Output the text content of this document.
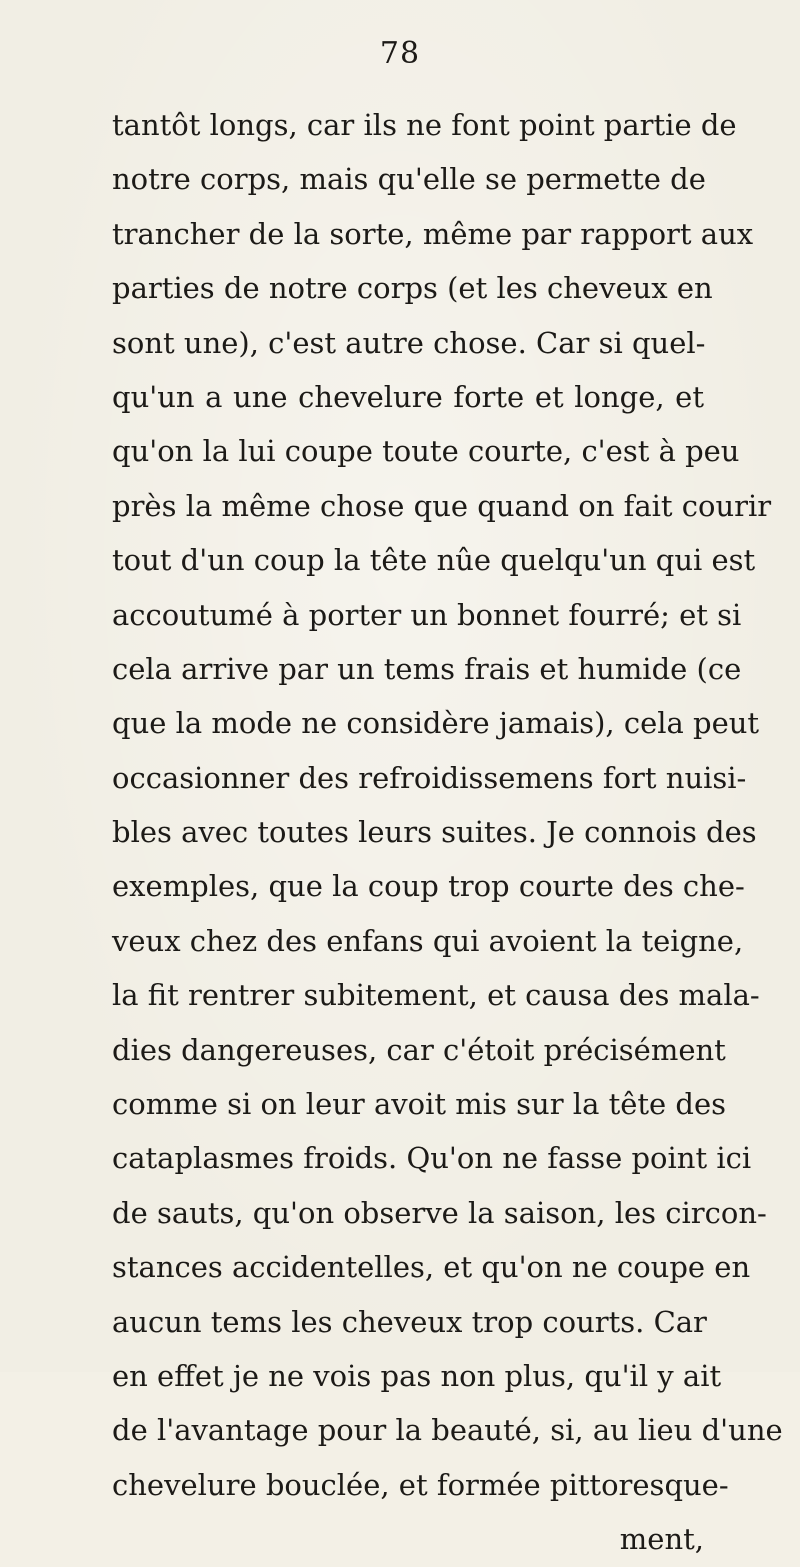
78
tantôt longs, car ils ne font point partie de
notre corps, mais qu'elle se permette de
trancher de la sorte, même par rapport aux
parties de notre corps (et les cheveux en
sont une), c'est autre chose. Car si quel-
qu'un a une chevelure forte et longe, et
qu'on la lui coupe toute courte, c'est à peu
près la même chose que quand on fait courir
tout d'un coup la tête nûe quelqu'un qui est
accoutumé à porter un bonnet fourré; et si
cela arrive par un tems frais et humide (ce
que la mode ne considère jamais), cela peut
occasionner des refroidissemens fort nuisi-
bles avec toutes leurs suites. Je connois des
exemples, que la coup trop courte des che-
veux chez des enfans qui avoient la teigne,
la fit rentrer subitement, et causa des mala-
dies dangereuses, car c'étoit précisément
comme si on leur avoit mis sur la tête des
cataplasmes froids. Qu'on ne fasse point ici
de sauts, qu'on observe la saison, les circon-
stances accidentelles, et qu'on ne coupe en
aucun tems les cheveux trop courts. Car
en effet je ne vois pas non plus, qu'il y ait
de l'avantage pour la beauté, si, au lieu d'une
chevelure bouclée, et formée pittoresque-
ment,
